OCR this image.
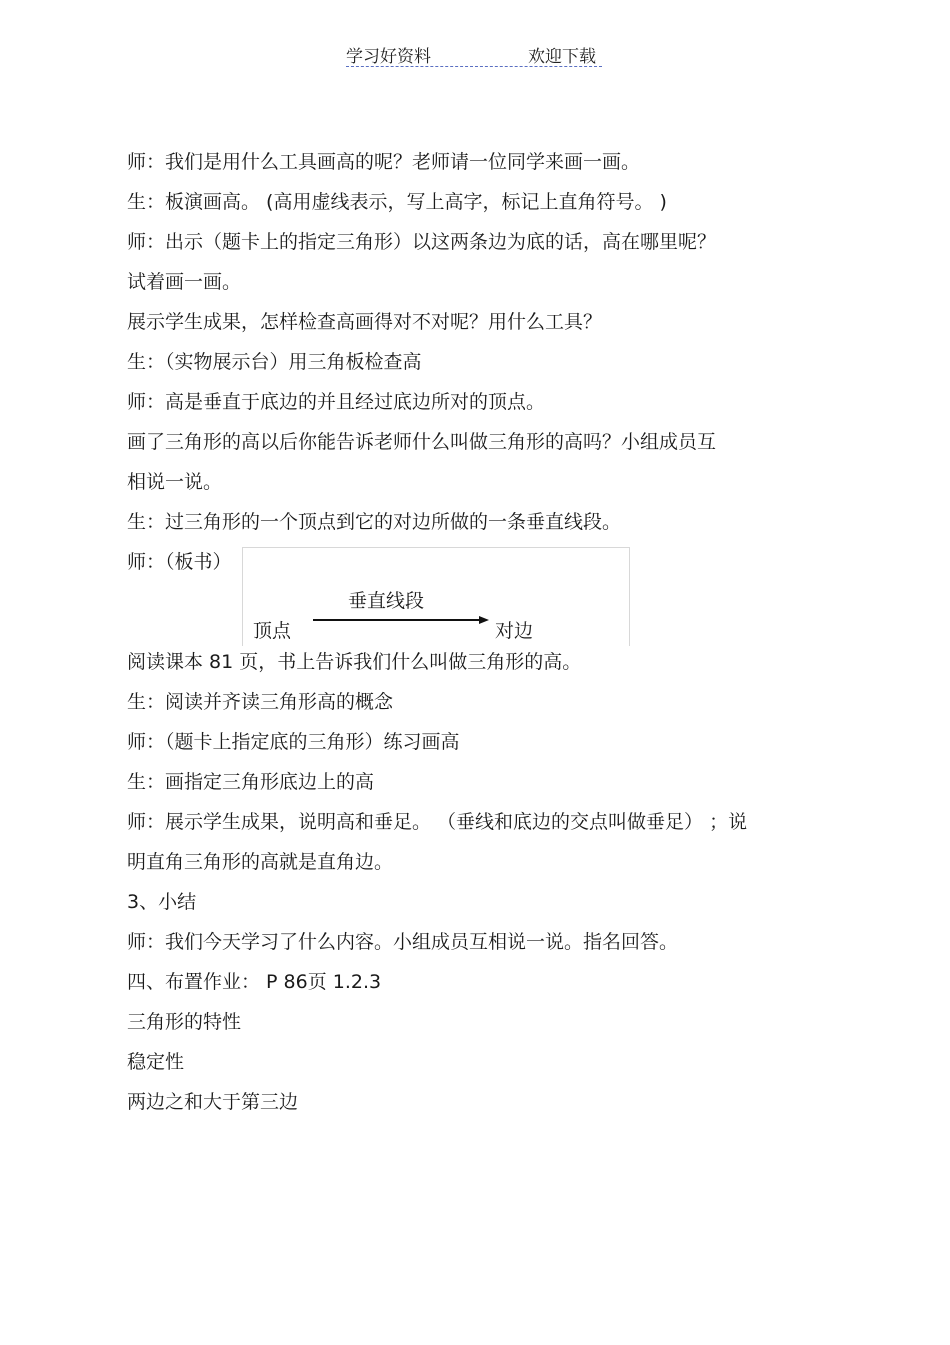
学习好资料	欢迎下载
师：我们是用什么工具画高的呢？老师请一位同学来画一画。
生：板演画高。 (高用虚线表示，写上高字，标记上直角符号。 )
师：出示（题卡上的指定三角形）以这两条边为底的话，高在哪里呢？
试着画一画。
展示学生成果，怎样检查高画得对不对呢？用什么工具？
生：（实物展示台）用三角板检查高
师：高是垂直于底边的并且经过底边所对的顶点。
画了三角形的高以后你能告诉老师什么叫做三角形的高吗？小组成员互
相说一说。
生：过三角形的一个顶点到它的对边所做的一条垂直线段。
师：（板书）
垂直线段
顶点	对边
阅读课本 81 页，书上告诉我们什么叫做三角形的高。
生：阅读并齐读三角形高的概念
师：（题卡上指定底的三角形）练习画高
生：画指定三角形底边上的高
师：展示学生成果，说明高和垂足。 （垂线和底边的交点叫做垂足） ；说
明直角三角形的高就是直角边。
3、小结
师：我们今天学习了什么内容。小组成员互相说一说。指名回答。
四、布置作业： P 86页 1.2.3
三角形的特性
稳定性
两边之和大于第三边
